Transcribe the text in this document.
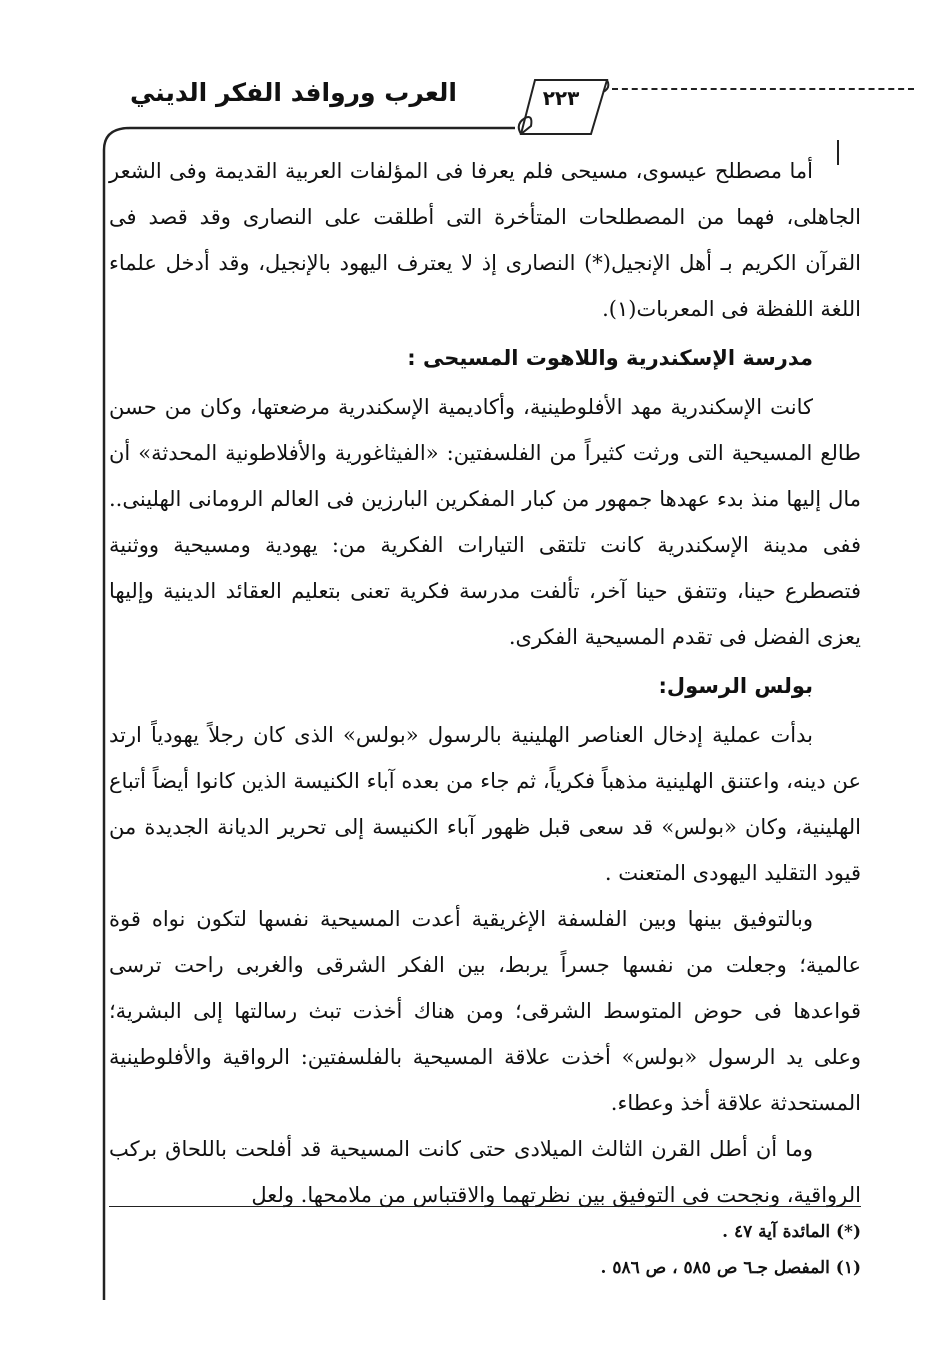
العرب وروافد الفكر الديني	٢٢٣

أما مصطلح عيسوى، مسيحى فلم يعرفا فى المؤلفات العربية القديمة وفى الشعر الجاهلى، فهما من المصطلحات المتأخرة التى أطلقت على النصارى وقد قصد فى القرآن الكريم بـ أهل الإنجيل(*) النصارى إذ لا يعترف اليهود بالإنجيل، وقد أدخل علماء اللغة اللفظة فى المعربات(١).

مدرسة الإسكندرية واللاهوت المسيحى :

كانت الإسكندرية مهد الأفلوطينية، وأكاديمية الإسكندرية مرضعتها، وكان من حسن طالع المسيحية التى ورثت كثيراً من الفلسفتين: «الفيثاغورية والأفلاطونية المحدثة» أن مال إليها منذ بدء عهدها جمهور من كبار المفكرين البارزين فى العالم الرومانى الهلينى.. ففى مدينة الإسكندرية كانت تلتقى التيارات الفكرية من: يهودية ومسيحية ووثنية فتصطرع حينا، وتتفق حينا آخر، تألفت مدرسة فكرية تعنى بتعليم العقائد الدينية وإليها يعزى الفضل فى تقدم المسيحية الفكرى.

بولس الرسول:

بدأت عملية إدخال العناصر الهلينية بالرسول «بولس» الذى كان رجلاً يهودياً ارتد عن دينه، واعتنق الهلينية مذهباً فكرياً، ثم جاء من بعده آباء الكنيسة الذين كانوا أيضاً أتباع الهلينية، وكان «بولس» قد سعى قبل ظهور آباء الكنيسة إلى تحرير الديانة الجديدة من قيود التقليد اليهودى المتعنت .

وبالتوفيق بينها وبين الفلسفة الإغريقية أعدت المسيحية نفسها لتكون نواه قوة عالمية؛ وجعلت من نفسها جسراً يربط، بين الفكر الشرقى والغربى راحت ترسى قواعدها فى حوض المتوسط الشرقى؛ ومن هناك أخذت تبث رسالتها إلى البشرية؛ وعلى يد الرسول «بولس» أخذت علاقة المسيحية بالفلسفتين: الرواقية والأفلوطينية المستحدثة علاقة أخذ وعطاء.

وما أن أطل القرن الثالث الميلادى حتى كانت المسيحية قد أفلحت باللحاق بركب الرواقية، ونجحت فى التوفيق بين نظرتهما والاقتباس من ملامحها. ولعل

(*) المائدة آية ٤٧ .
(١) المفصل جـ٦ ص ٥٨٥ ، ص ٥٨٦ .
